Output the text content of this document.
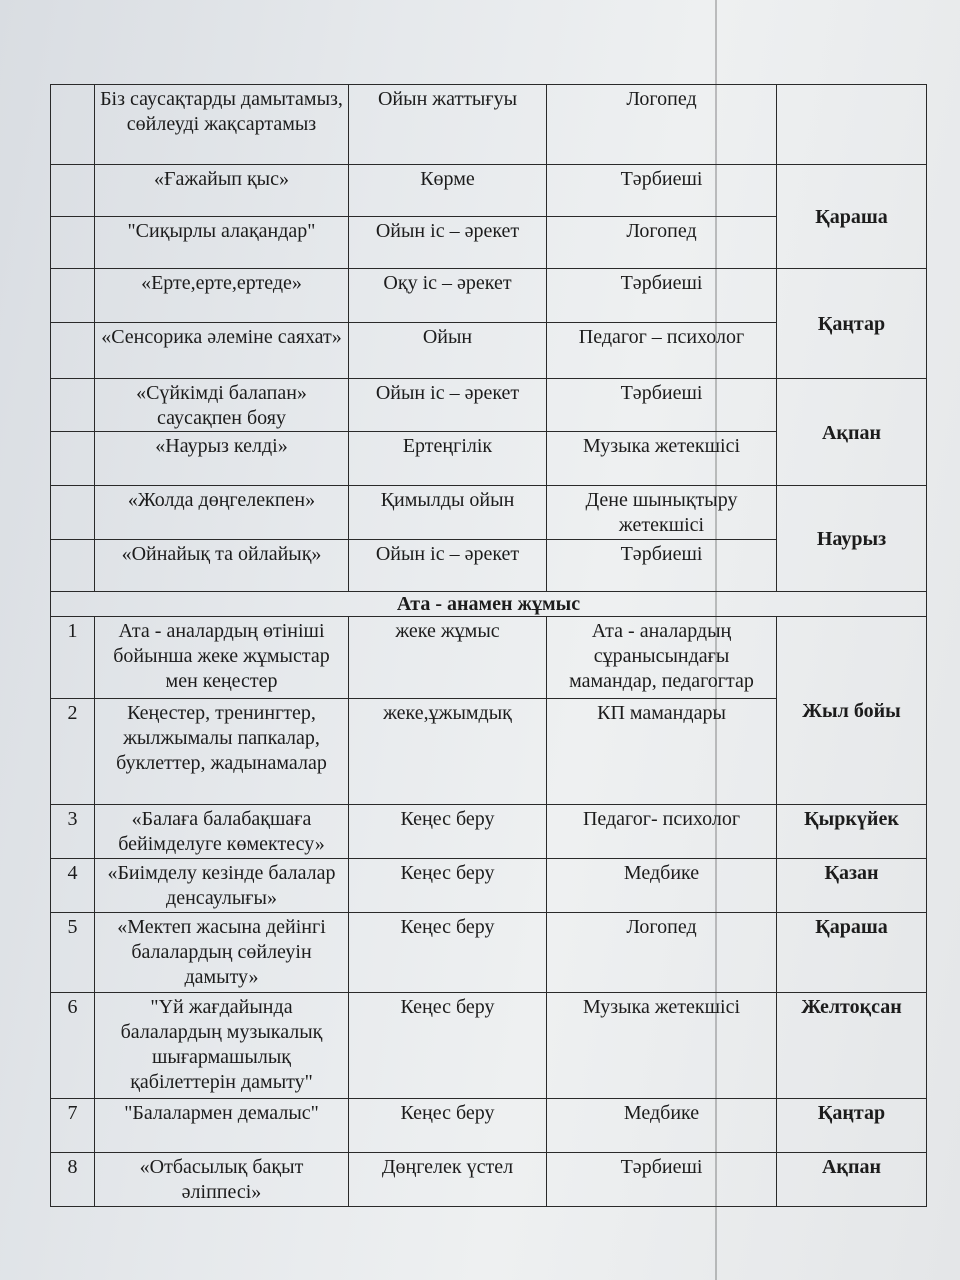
	Біз саусақтарды дамытамыз, сөйлеуді жақсартамыз	Ойын жаттығуы	Логопед	
	«Ғажайып қыс»	Көрме	Тәрбиеші	Қараша
	"Сиқырлы алақандар"	Ойын іс – әрекет	Логопед	
	«Ерте,ерте,ертеде»	Оқу іс – әрекет	Тәрбиеші	Қаңтар
	«Сенсорика әлеміне саяхат»	Ойын	Педагог – психолог	
	«Сүйкімді балапан» саусақпен бояу	Ойын іс – әрекет	Тәрбиеші	Ақпан
	«Наурыз келді»	Ертеңгілік	Музыка жетекшісі	
	«Жолда дөңгелекпен»	Қимылды ойын	Дене шынықтыру жетекшісі	Наурыз
	«Ойнайық та ойлайық»	Ойын іс – әрекет	Тәрбиеші	
Ата - анамен жұмыс				
1	Ата - аналардың өтініші бойынша жеке жұмыстар мен кеңестер	жеке жұмыс	Ата - аналардың сұранысындағы мамандар, педагогтар	Жыл бойы
2	Кеңестер, тренингтер, жылжымалы папкалар, буклеттер, жадынамалар	жеке,ұжымдық	КП мамандары	
3	«Балаға балабақшаға бейімделуге көмектесу»	Кеңес беру	Педагог- психолог	Қыркүйек
4	«Биімделу кезінде балалар денсаулығы»	Кеңес беру	Медбике	Қазан
5	«Мектеп жасына дейінгі балалардың сөйлеуін дамыту»	Кеңес беру	Логопед	Қараша
6	"Үй жағдайында балалардың музыкалық шығармашылық қабілеттерін дамыту"	Кеңес беру	Музыка жетекшісі	Желтоқсан
7	"Балалармен демалыс"	Кеңес беру	Медбике	Қаңтар
8	«Отбасылық бақыт әліппесі»	Дөңгелек үстел	Тәрбиеші	Ақпан
